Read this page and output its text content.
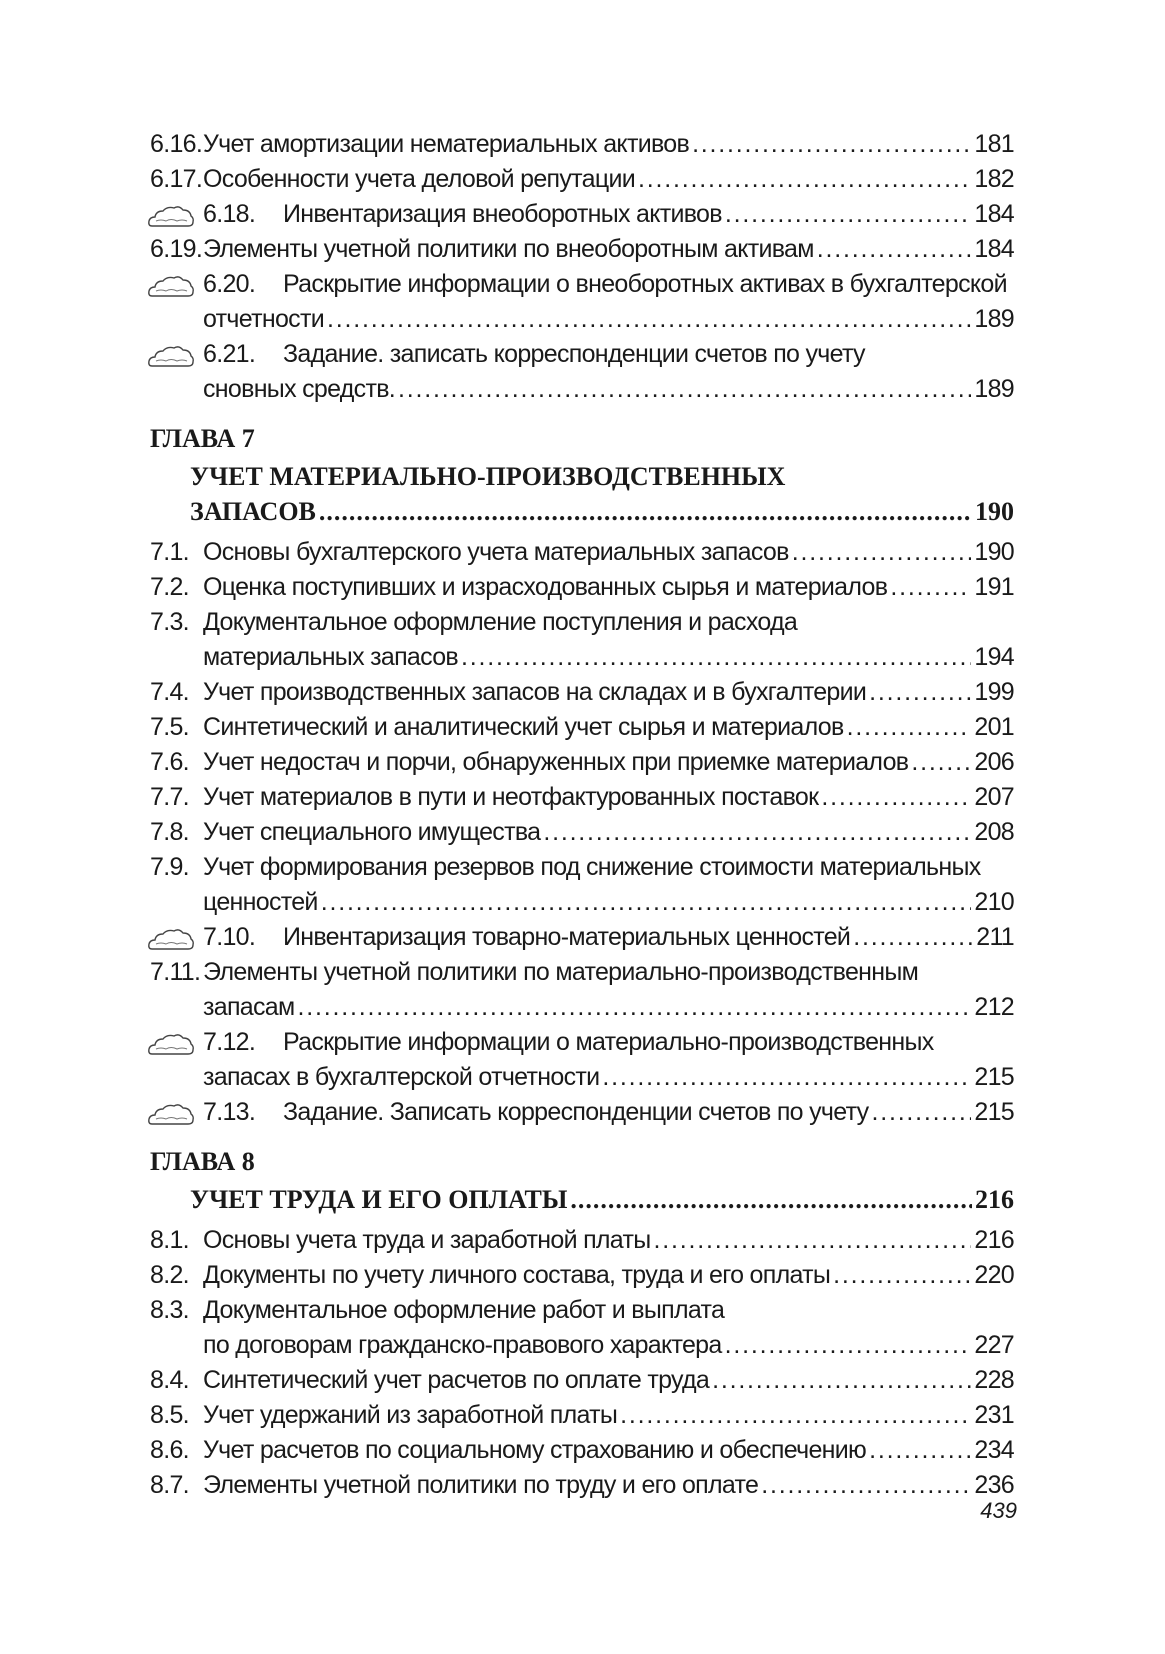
6.16. Учет амортизации нематериальных активов .....	181
6.17. Особенности учета деловой репутации .....	182
6.18.	Инвентаризация внеоборотных активов .....	184
6.19. Элементы учетной политики по внеоборотным активам .....	184
6.20.	Раскрытие информации о внеоборотных активах в бухгалтерской
отчетности .....	189
6.21.	Задание. записать корреспонденции счетов по учету
сновных средств. .....	189
ГЛАВА 7
УЧЕТ МАТЕРИАЛЬНО-ПРОИЗВОДСТВЕННЫХ
ЗАПАСОВ .....	190
7.1. Основы бухгалтерского учета материальных запасов .....	190
7.2. Оценка поступивших и израсходованных сырья и материалов .....	191
7.3. Документальное оформление поступления и расхода
материальных запасов .....	194
7.4. Учет производственных запасов на складах и в бухгалтерии .....	199
7.5. Синтетический и аналитический учет сырья и материалов .....	201
7.6. Учет недостач и порчи, обнаруженных при приемке материалов .....	206
7.7. Учет материалов в пути и неотфактурованных поставок .....	207
7.8. Учет специального имущества .....	208
7.9. Учет формирования резервов под снижение стоимости материальных
ценностей .....	210
7.10.	Инвентаризация товарно-материальных ценностей .....	211
7.11. Элементы учетной политики по материально-производственным
запасам .....	212
7.12.	Раскрытие информации о материально-производственных
запасах в бухгалтерской отчетности .....	215
7.13.	Задание. Записать корреспонденции счетов по учету .....	215
ГЛАВА 8
УЧЕТ ТРУДА И ЕГО ОПЛАТЫ .....	216
8.1. Основы учета труда и заработной платы .....	216
8.2. Документы по учету личного состава, труда и его оплаты .....	220
8.3. Документальное оформление работ и выплата
по договорам гражданско-правового характера .....	227
8.4. Синтетический учет расчетов по оплате труда .....	228
8.5. Учет удержаний из заработной платы .....	231
8.6. Учет расчетов по социальному страхованию и обеспечению .....	234
8.7. Элементы учетной политики по труду и его оплате .....	236
439
